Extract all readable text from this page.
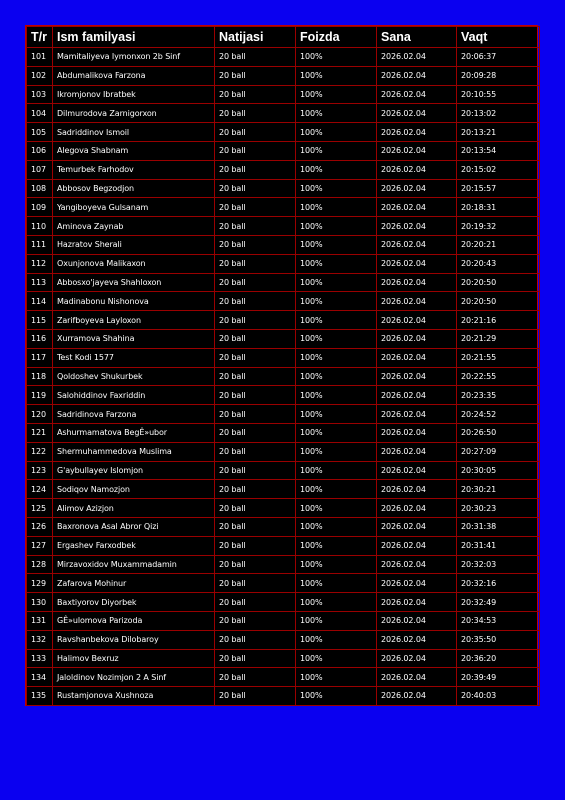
T/r	Ism familyasi	Natijasi	Foizda	Sana	Vaqt
101	Mamitaliyeva Iymonxon 2b Sinf	20 ball	100%	2026.02.04	20:06:37
102	Abdumalikova Farzona	20 ball	100%	2026.02.04	20:09:28
103	Ikromjonov Ibratbek	20 ball	100%	2026.02.04	20:10:55
104	Dilmurodova Zarnigorxon	20 ball	100%	2026.02.04	20:13:02
105	Sadriddinov Ismoil	20 ball	100%	2026.02.04	20:13:21
106	Alegova Shabnam	20 ball	100%	2026.02.04	20:13:54
107	Temurbek Farhodov	20 ball	100%	2026.02.04	20:15:02
108	Abbosov Begzodjon	20 ball	100%	2026.02.04	20:15:57
109	Yangiboyeva Gulsanam	20 ball	100%	2026.02.04	20:18:31
110	Aminova Zaynab	20 ball	100%	2026.02.04	20:19:32
111	Hazratov Sherali	20 ball	100%	2026.02.04	20:20:21
112	Oxunjonova Malikaxon	20 ball	100%	2026.02.04	20:20:43
113	Abbosxo'jayeva Shahloxon	20 ball	100%	2026.02.04	20:20:50
114	Madinabonu Nishonova	20 ball	100%	2026.02.04	20:20:50
115	Zarifboyeva Layloxon	20 ball	100%	2026.02.04	20:21:16
116	Xurramova Shahina	20 ball	100%	2026.02.04	20:21:29
117	Test Kodi 1577	20 ball	100%	2026.02.04	20:21:55
118	Qoldoshev Shukurbek	20 ball	100%	2026.02.04	20:22:55
119	Salohiddinov Faxriddin	20 ball	100%	2026.02.04	20:23:35
120	Sadridinova Farzona	20 ball	100%	2026.02.04	20:24:52
121	Ashurmamatova BegÊ»ubor	20 ball	100%	2026.02.04	20:26:50
122	Shermuhammedova Muslima	20 ball	100%	2026.02.04	20:27:09
123	G'aybullayev Islomjon	20 ball	100%	2026.02.04	20:30:05
124	Sodiqov Namozjon	20 ball	100%	2026.02.04	20:30:21
125	Alimov Azizjon	20 ball	100%	2026.02.04	20:30:23
126	Baxronova Asal Abror Qizi	20 ball	100%	2026.02.04	20:31:38
127	Ergashev Farxodbek	20 ball	100%	2026.02.04	20:31:41
128	Mirzavoxidov Muxammadamin	20 ball	100%	2026.02.04	20:32:03
129	Zafarova Mohinur	20 ball	100%	2026.02.04	20:32:16
130	Baxtiyorov Diyorbek	20 ball	100%	2026.02.04	20:32:49
131	GÊ»ulomova Parizoda	20 ball	100%	2026.02.04	20:34:53
132	Ravshanbekova Dilobaroy	20 ball	100%	2026.02.04	20:35:50
133	Halimov Bexruz	20 ball	100%	2026.02.04	20:36:20
134	Jaloldinov Nozimjon 2 A Sinf	20 ball	100%	2026.02.04	20:39:49
135	Rustamjonova Xushnoza	20 ball	100%	2026.02.04	20:40:03
